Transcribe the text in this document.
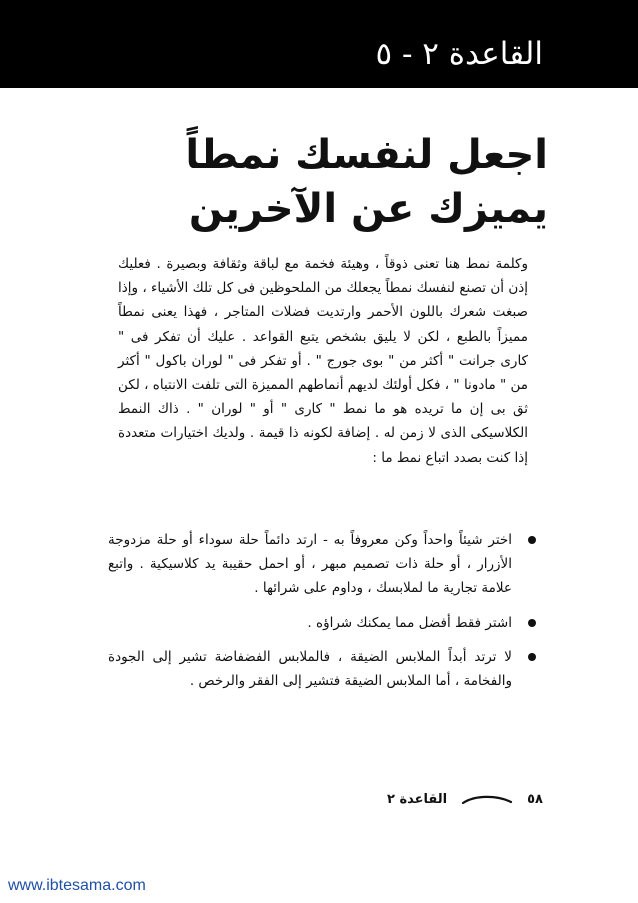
القاعدة ٢ - ٥
اجعل لنفسك نمطاً يميزك عن الآخرين
وكلمة نمط هنا تعنى ذوقاً ، وهيئة فخمة مع لباقة وثقافة وبصيرة . فعليك إذن أن تصنع لنفسك نمطاً يجعلك من الملحوظين فى كل تلك الأشياء ، وإذا صبغت شعرك باللون الأحمر وارتديت فضلات المتاجر ، فهذا يعنى نمطاً مميزاً بالطبع ، لكن لا يليق بشخص يتبع القواعد . عليك أن تفكر فى " كارى جرانت " أكثر من " بوى جورج " . أو تفكر فى " لوران باكول " أكثر من " مادونا " ، فكل أولئك لديهم أنماطهم المميزة التى تلفت الانتباه ، لكن ثق بى إن ما تريده هو ما نمط " كارى " أو " لوران " . ذاك النمط الكلاسيكى الذى لا زمن له . إضافة لكونه ذا قيمة . ولديك اختيارات متعددة إذا كنت بصدد اتباع نمط ما :
اختر شيئاً واحداً وكن معروفاً به - ارتد دائماً حلة سوداء أو حلة مزدوجة الأزرار ، أو حلة ذات تصميم مبهر ، أو احمل حقيبة يد كلاسيكية . واتبع علامة تجارية ما لملابسك ، وداوم على شرائها .
اشتر فقط أفضل مما يمكنك شراؤه .
لا ترتد أبداً الملابس الضيقة ، فالملابس الفضفاضة تشير إلى الجودة والفخامة ، أما الملابس الضيقة فتشير إلى الفقر والرخص .
٥٨
القاعدة ٢
www.ibtesama.com
